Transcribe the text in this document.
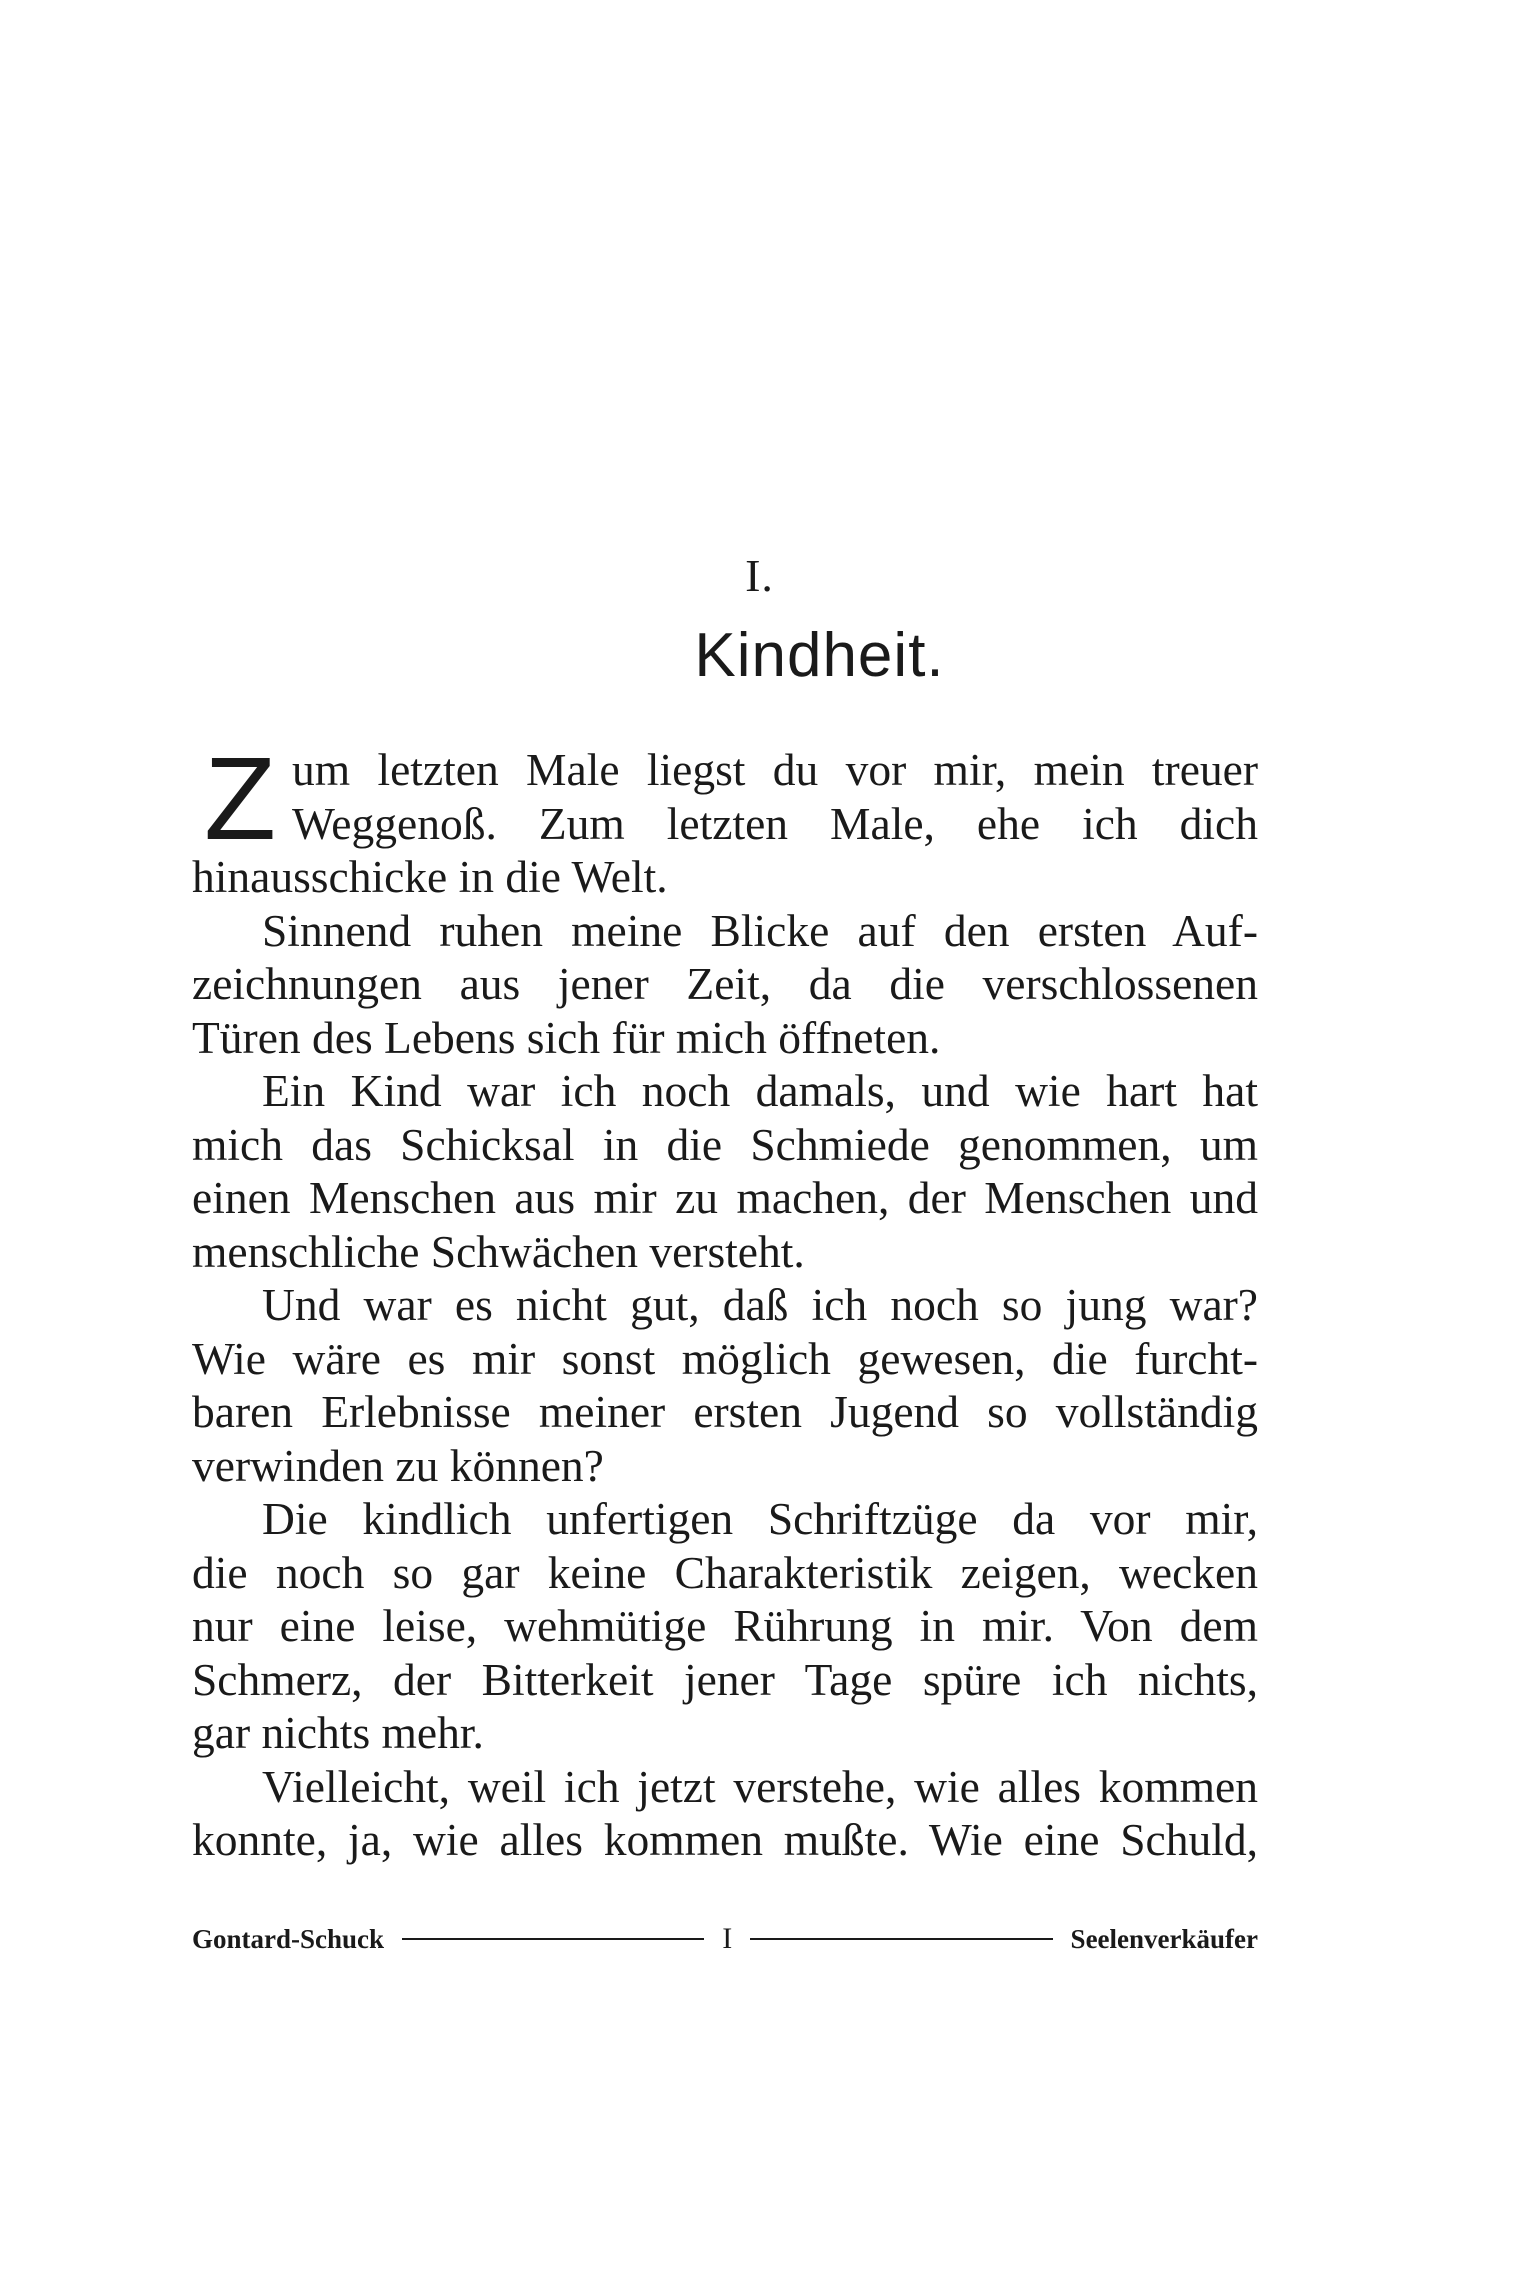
I.
Kindheit.
Z um letzten Male liegst du vor mir, mein treuer
Weggenoß. Zum letzten Male, ehe ich dich
hinausschicke in die Welt.
Sinnend ruhen meine Blicke auf den ersten Auf-
zeichnungen aus jener Zeit, da die verschlossenen
Türen des Lebens sich für mich öffneten.
Ein Kind war ich noch damals, und wie hart hat
mich das Schicksal in die Schmiede genommen, um
einen Menschen aus mir zu machen, der Menschen und
menschliche Schwächen versteht.
Und war es nicht gut, daß ich noch so jung war?
Wie wäre es mir sonst möglich gewesen, die furcht-
baren Erlebnisse meiner ersten Jugend so vollständig
verwinden zu können?
Die kindlich unfertigen Schriftzüge da vor mir,
die noch so gar keine Charakteristik zeigen, wecken
nur eine leise, wehmütige Rührung in mir. Von dem
Schmerz, der Bitterkeit jener Tage spüre ich nichts,
gar nichts mehr.
Vielleicht, weil ich jetzt verstehe, wie alles kommen
konnte, ja, wie alles kommen mußte. Wie eine Schuld,
Gontard-Schuck	I	Seelenverkäufer
